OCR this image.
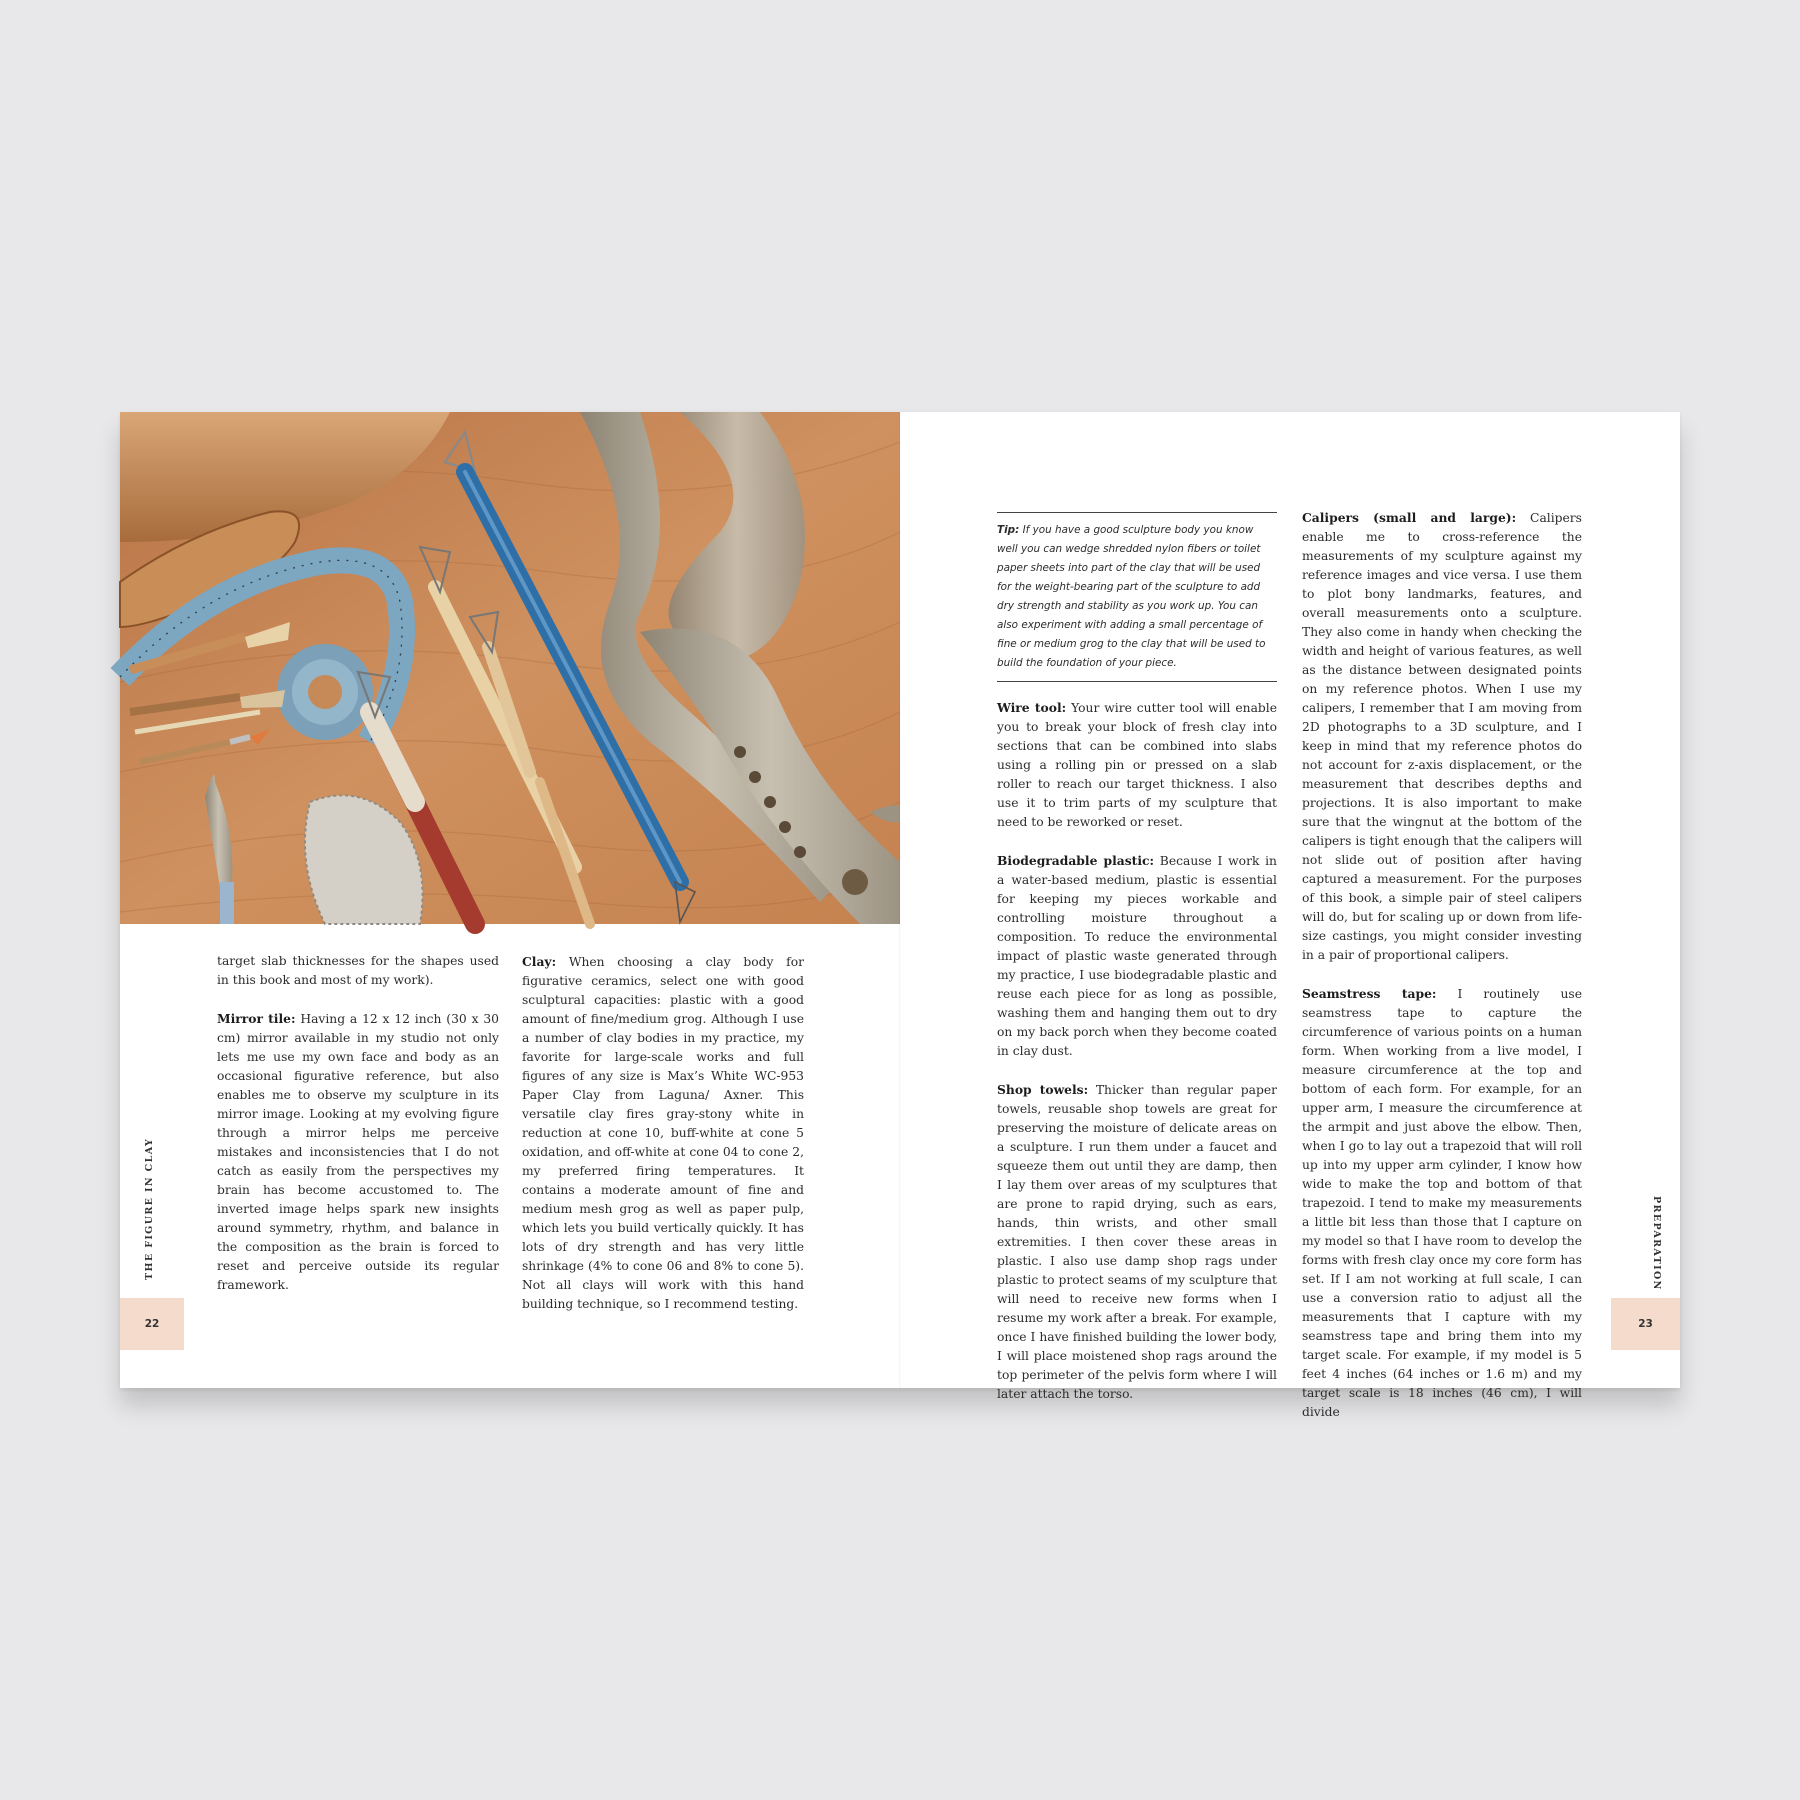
target slab thicknesses for the shapes used in this book and most of my work).

Mirror tile: Having a 12 x 12 inch (30 x 30 cm) mirror available in my studio not only lets me use my own face and body as an occasional figurative reference, but also enables me to observe my sculpture in its mirror image. Looking at my evolving figure through a mirror helps me perceive mistakes and inconsistencies that I do not catch as easily from the perspectives my brain has become accustomed to. The inverted image helps spark new insights around symmetry, rhythm, and balance in the composition as the brain is forced to reset and perceive outside its regular framework.

Clay: When choosing a clay body for figurative ceramics, select one with good sculptural capacities: plastic with a good amount of fine/medium grog. Although I use a number of clay bodies in my practice, my favorite for large-scale works and full figures of any size is Max’s White WC-953 Paper Clay from Laguna/ Axner. This versatile clay fires gray-stony white in reduction at cone 10, buff-white at cone 5 oxidation, and off-white at cone 04 to cone 2, my preferred firing temperatures. It contains a moderate amount of fine and medium mesh grog as well as paper pulp, which lets you build vertically quickly. It has lots of dry strength and has very little shrinkage (4% to cone 06 and 8% to cone 5). Not all clays will work with this hand building technique, so I recommend testing.

Tip: If you have a good sculpture body you know well you can wedge shredded nylon fibers or toilet paper sheets into part of the clay that will be used for the weight-bearing part of the sculpture to add dry strength and stability as you work up. You can also experiment with adding a small percentage of fine or medium grog to the clay that will be used to build the foundation of your piece.

Wire tool: Your wire cutter tool will enable you to break your block of fresh clay into sections that can be combined into slabs using a rolling pin or pressed on a slab roller to reach our target thickness. I also use it to trim parts of my sculpture that need to be reworked or reset.

Biodegradable plastic: Because I work in a water-based medium, plastic is essential for keeping my pieces workable and controlling moisture throughout a composition. To reduce the environmental impact of plastic waste generated through my practice, I use biodegradable plastic and reuse each piece for as long as possible, washing them and hanging them out to dry on my back porch when they become coated in clay dust.

Shop towels: Thicker than regular paper towels, reusable shop towels are great for preserving the moisture of delicate areas on a sculpture. I run them under a faucet and squeeze them out until they are damp, then I lay them over areas of my sculptures that are prone to rapid drying, such as ears, hands, thin wrists, and other small extremities. I then cover these areas in plastic. I also use damp shop rags under plastic to protect seams of my sculpture that will need to receive new forms when I resume my work after a break. For example, once I have finished building the lower body, I will place moistened shop rags around the top perimeter of the pelvis form where I will later attach the torso.

Calipers (small and large): Calipers enable me to cross-reference the measurements of my sculpture against my reference images and vice versa. I use them to plot bony landmarks, features, and overall measurements onto a sculpture. They also come in handy when checking the width and height of various features, as well as the distance between designated points on my reference photos. When I use my calipers, I remember that I am moving from 2D photographs to a 3D sculpture, and I keep in mind that my reference photos do not account for z-axis displacement, or the measurement that describes depths and projections. It is also important to make sure that the wingnut at the bottom of the calipers is tight enough that the calipers will not slide out of position after having captured a measurement. For the purposes of this book, a simple pair of steel calipers will do, but for scaling up or down from life-size castings, you might consider investing in a pair of proportional calipers.

Seamstress tape: I routinely use seamstress tape to capture the circumference of various points on a human form. When working from a live model, I measure circumference at the top and bottom of each form. For example, for an upper arm, I measure the circumference at the armpit and just above the elbow. Then, when I go to lay out a trapezoid that will roll up into my upper arm cylinder, I know how wide to make the top and bottom of that trapezoid. I tend to make my measurements a little bit less than those that I capture on my model so that I have room to develop the forms with fresh clay once my core form has set. If I am not working at full scale, I can use a conversion ratio to adjust all the measurements that I capture with my seamstress tape and bring them into my target scale. For example, if my model is 5 feet 4 inches (64 inches or 1.6 m) and my target scale is 18 inches (46 cm), I will divide

THE FIGURE IN CLAY	PREPARATION
22	23
